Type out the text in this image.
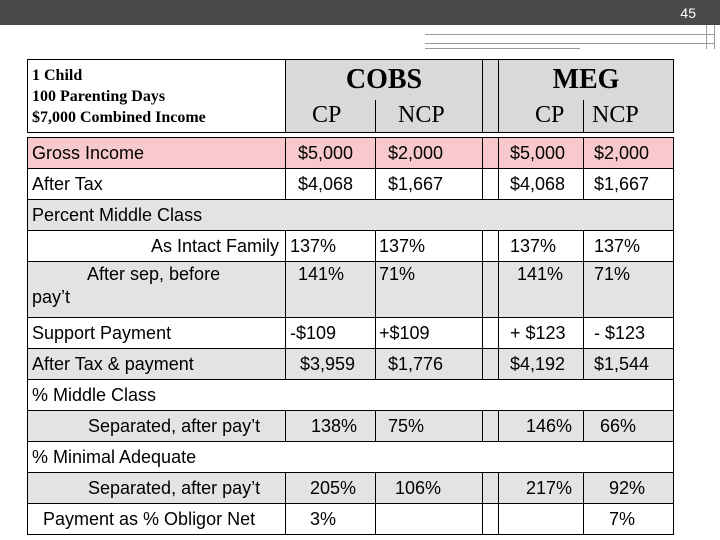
45
1 Child
100 Parenting Days
$7,000 Combined Income	COBS			MEG	
	CP	NCP		CP	NCP

Gross Income	$5,000	$2,000		$5,000	$2,000
After Tax	$4,068	$1,667		$4,068	$1,667
Percent Middle Class					
As Intact Family	137%	137%		137%	137%

After sep, before
pay’t	141%	71%		141%	71%
Support Payment	-$109	+$109		+ $123	- $123
After Tax & payment	$3,959	$1,776		$4,192	$1,544
% Middle Class					
Separated, after pay’t	138%	75%		146%	66%
% Minimal Adequate					
Separated, after pay’t	205%	106%		217%	92%
Payment as % Obligor Net	3%				7%
